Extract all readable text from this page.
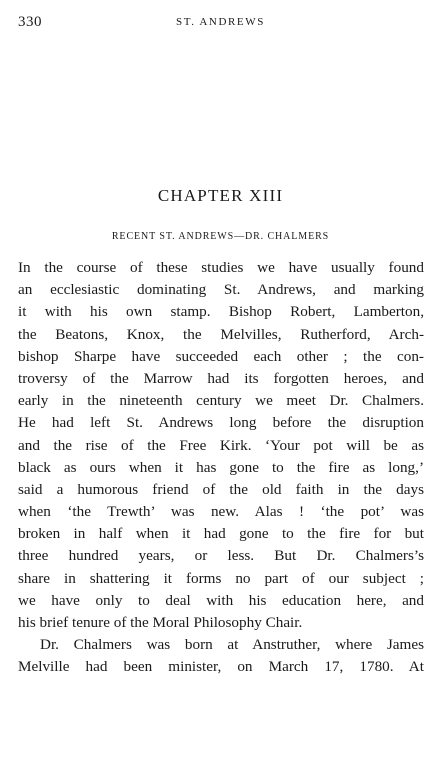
330	ST. ANDREWS
CHAPTER XIII
RECENT ST. ANDREWS—DR. CHALMERS
In the course of these studies we have usually found
an ecclesiastic dominating St. Andrews, and marking
it with his own stamp. Bishop Robert, Lamberton,
the Beatons, Knox, the Melvilles, Rutherford, Arch-
bishop Sharpe have succeeded each other ; the con-
troversy of the Marrow had its forgotten heroes, and
early in the nineteenth century we meet Dr. Chalmers.
He had left St. Andrews long before the disruption
and the rise of the Free Kirk. ‘Your pot will be as
black as ours when it has gone to the fire as long,’
said a humorous friend of the old faith in the days
when ‘the Trewth’ was new. Alas ! ‘the pot’ was
broken in half when it had gone to the fire for but
three hundred years, or less. But Dr. Chalmers’s
share in shattering it forms no part of our subject ;
we have only to deal with his education here, and
his brief tenure of the Moral Philosophy Chair.
Dr. Chalmers was born at Anstruther, where James
Melville had been minister, on March 17, 1780. At
